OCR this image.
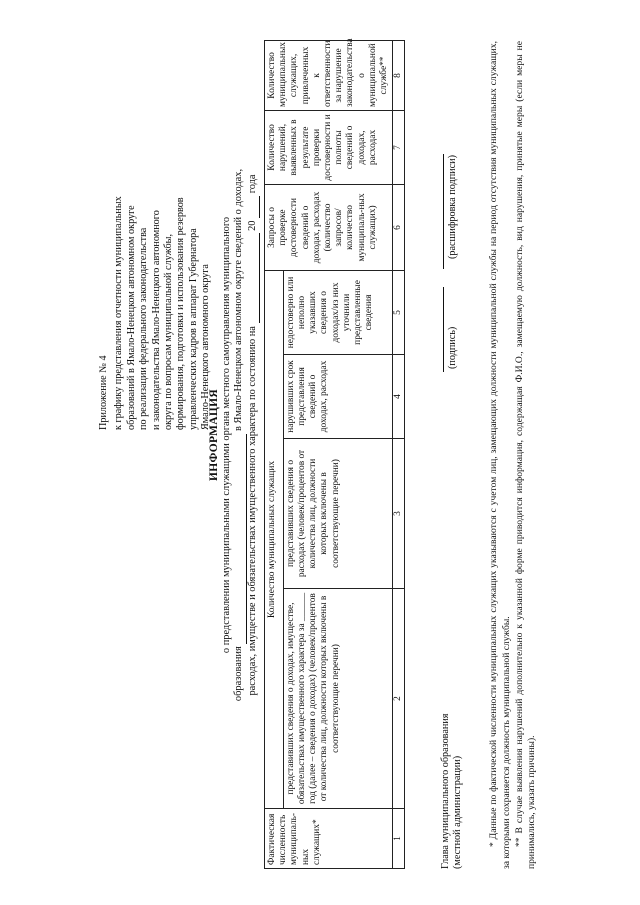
Приложение № 4 к графику представления отчетности муниципальных образований в Ямало-Ненецком автономном округе по реализации федерального законодательства и законодательства Ямало-Ненецкого автономного округа по вопросам муниципальной службы, формирования, подготовки и использования резервов управленческих кадров в аппарат Губернатора Ямало-Ненецкого автономного округа
ИНФОРМАЦИЯ о представлении муниципальными служащими органа местного самоуправления муниципального
образования   в Ямало-Ненецком автономном округе сведений о доходах,
расходах, имуществе и обязательствах имущественного характера по состоянию на   20   года
Фактическая численность муниципаль-ных служащих*	Количество муниципальных служащих				Запросы о проверке достоверности сведений о доходах, расходах (количество запросов/ количество муниципаль-ных служащих)	Количество нарушений, выявленных в результате проверки достоверности и полноты сведений о доходах, расходах	Количество муниципальных служащих, привлеченных к ответственности за нарушение законодательства о муниципальной службе**
	представивших сведения о доходах, имуществе, обязательствах имущественного характера за ______ год (далее – сведения о доходах) (человек/процентов от количества лиц, должности которых включены в соответствующие перечни)	представивших сведения о расходах (человек/процентов от количества лиц, должности которых включены в соответствующие перечни)	нарушивших срок представления сведений о доходах, расходах	недостоверно или неполно указавших сведения о доходах/из них уточнили представленные сведения			
1	2	3	4	5	6	7	8
Глава муниципального образования (местной администрации)
(подпись)
(расшифровка подписи)	* Данные по фактической численности муниципальных служащих указываются с учетом лиц, замещающих должности муниципальной службы на период отсутствия муниципальных служащих, за которыми сохраняется должность муниципальной службы. ** В случае выявления нарушений дополнительно к указанной форме приводится информация, содержащая Ф.И.О., замещаемую должность, вид нарушения, принятые меры (если меры не принимались, указать причины).
